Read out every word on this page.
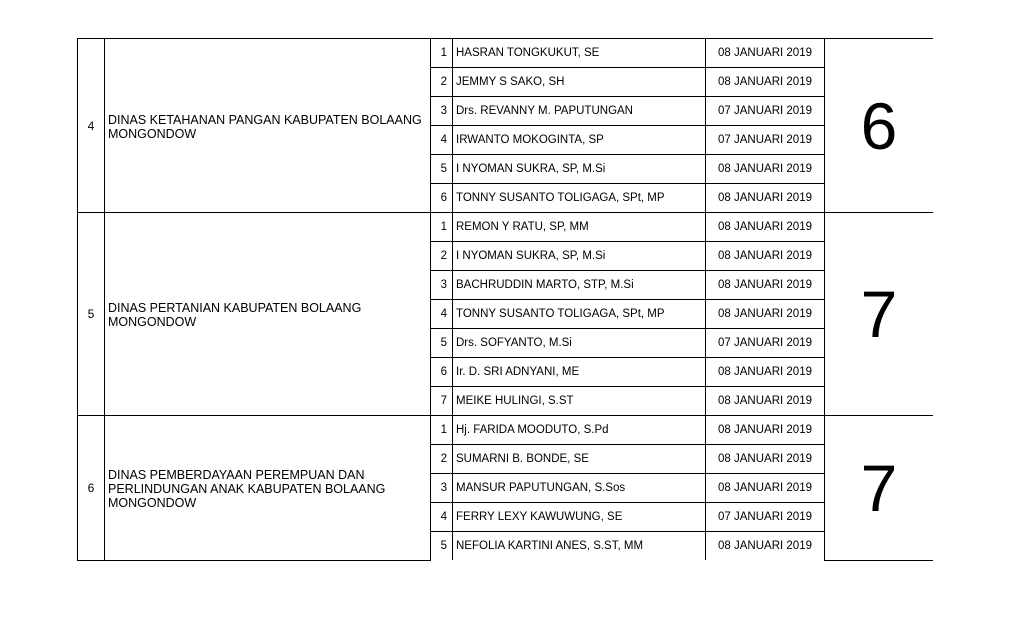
4	DINAS KETAHANAN PANGAN KABUPATEN BOLAANG MONGONDOW	1	HASRAN TONGKUKUT, SE	08 JANUARI 2019	6
		2	JEMMY S SAKO, SH	08 JANUARI 2019	
		3	Drs. REVANNY M. PAPUTUNGAN	07 JANUARI 2019	
		4	IRWANTO MOKOGINTA, SP	07 JANUARI 2019	
		5	I NYOMAN SUKRA, SP, M.Si	08 JANUARI 2019	
		6	TONNY SUSANTO TOLIGAGA, SPt, MP	08 JANUARI 2019	
5	DINAS PERTANIAN KABUPATEN BOLAANG MONGONDOW	1	REMON Y RATU, SP, MM	08 JANUARI 2019	7
		2	I NYOMAN SUKRA, SP, M.Si	08 JANUARI 2019	
		3	BACHRUDDIN MARTO, STP, M.Si	08 JANUARI 2019	
		4	TONNY SUSANTO TOLIGAGA, SPt, MP	08 JANUARI 2019	
		5	Drs. SOFYANTO, M.Si	07 JANUARI 2019	
		6	Ir. D. SRI ADNYANI, ME	08 JANUARI 2019	
		7	MEIKE HULINGI, S.ST	08 JANUARI 2019	
6	DINAS PEMBERDAYAAN PEREMPUAN DAN PERLINDUNGAN ANAK KABUPATEN BOLAANG MONGONDOW	1	Hj. FARIDA MOODUTO, S.Pd	08 JANUARI 2019	7
		2	SUMARNI B. BONDE, SE	08 JANUARI 2019	
		3	MANSUR PAPUTUNGAN, S.Sos	08 JANUARI 2019	
		4	FERRY LEXY KAWUWUNG, SE	07 JANUARI 2019	
		5	NEFOLIA KARTINI ANES, S.ST, MM	08 JANUARI 2019	
